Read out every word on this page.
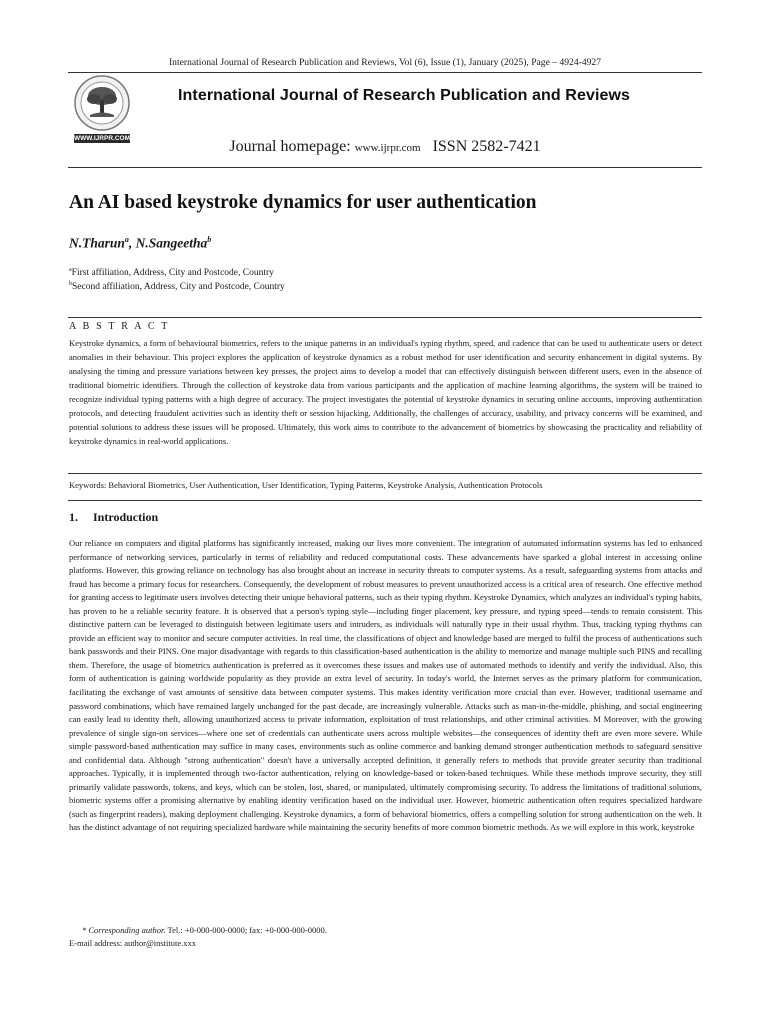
International Journal of Research Publication and Reviews, Vol (6), Issue (1), January (2025), Page – 4924-4927
WWW.IJRPR.COM
International Journal of Research Publication and Reviews
Journal homepage: www.ijrpr.com ISSN 2582-7421
An AI based keystroke dynamics for user authentication
N.Tharun$^a$, N.Sangeetha$^b$
$^a$First affiliation, Address, City and Postcode, Country
$^b$Second affiliation, Address, City and Postcode, Country
A B S T R A C T
Keystroke dynamics, a form of behavioural biometrics, refers to the unique patterns in an individual's typing rhythm, speed, and cadence that can be used to authenticate users or detect anomalies in their behaviour. This project explores the application of keystroke dynamics as a robust method for user identification and security enhancement in digital systems. By analysing the timing and pressure variations between key presses, the project aims to develop a model that can effectively distinguish between different users, even in the absence of traditional biometric identifiers. Through the collection of keystroke data from various participants and the application of machine learning algorithms, the system will be trained to recognize individual typing patterns with a high degree of accuracy. The project investigates the potential of keystroke dynamics in securing online accounts, improving authentication protocols, and detecting fraudulent activities such as identity theft or session hijacking. Additionally, the challenges of accuracy, usability, and privacy concerns will be examined, and potential solutions to address these issues will be proposed. Ultimately, this work aims to contribute to the advancement of biometrics by showcasing the practicality and reliability of keystroke dynamics in real-world applications.
Keywords: Behavioral Biometrics, User Authentication, User Identification, Typing Patterns, Keystroke Analysis, Authentication Protocols
1. Introduction
Our reliance on computers and digital platforms has significantly increased, making our lives more convenient. The integration of automated information systems has led to enhanced performance of networking services, particularly in terms of reliability and reduced computational costs. These advancements have sparked a global interest in accessing online platforms. However, this growing reliance on technology has also brought about an increase in security threats to computer systems. As a result, safeguarding systems from attacks and fraud has become a primary focus for researchers. Consequently, the development of robust measures to prevent unauthorized access is a critical area of research. One effective method for granting access to legitimate users involves detecting their unique behavioral patterns, such as their typing rhythm. Keystroke Dynamics, which analyzes an individual's typing habits, has proven to be a reliable security feature. It is observed that a person's typing style—including finger placement, key pressure, and typing speed—tends to remain consistent. This distinctive pattern can be leveraged to distinguish between legitimate users and intruders, as individuals will naturally type in their usual rhythm. Thus, tracking typing rhythms can provide an efficient way to monitor and secure computer activities. In real time, the classifications of object and knowledge based are merged to fulfil the process of authentications such bank passwords and their PINS. One major disadvantage with regards to this classification-based authentication is the ability to memorize and manage multiple such PINS and recalling them. Therefore, the usage of biometrics authentication is preferred as it overcomes these issues and makes use of automated methods to identify and verify the individual. Also, this form of authentication is gaining worldwide popularity as they provide an extra level of security. In today's world, the Internet serves as the primary platform for communication, facilitating the exchange of vast amounts of sensitive data between computer systems. This makes identity verification more crucial than ever. However, traditional username and password combinations, which have remained largely unchanged for the past decade, are increasingly vulnerable. Attacks such as man-in-the-middle, phishing, and social engineering can easily lead to identity theft, allowing unauthorized access to private information, exploitation of trust relationships, and other criminal activities. M Moreover, with the growing prevalence of single sign-on services—where one set of credentials can authenticate users across multiple websites—the consequences of identity theft are even more severe. While simple password-based authentication may suffice in many cases, environments such as online commerce and banking demand stronger authentication methods to safeguard sensitive and confidential data. Although "strong authentication" doesn't have a universally accepted definition, it generally refers to methods that provide greater security than traditional approaches. Typically, it is implemented through two-factor authentication, relying on knowledge-based or token-based techniques. While these methods improve security, they still primarily validate passwords, tokens, and keys, which can be stolen, lost, shared, or manipulated, ultimately compromising security. To address the limitations of traditional solutions, biometric systems offer a promising alternative by enabling identity verification based on the individual user. However, biometric authentication often requires specialized hardware (such as fingerprint readers), making deployment challenging. Keystroke dynamics, a form of behavioral biometrics, offers a compelling solution for strong authentication on the web. It has the distinct advantage of not requiring specialized hardware while maintaining the security benefits of more common biometric methods. As we will explore in this work, keystroke
* Corresponding author. Tel.: +0-000-000-0000; fax: +0-000-000-0000.
E-mail address: author@institute.xxx
